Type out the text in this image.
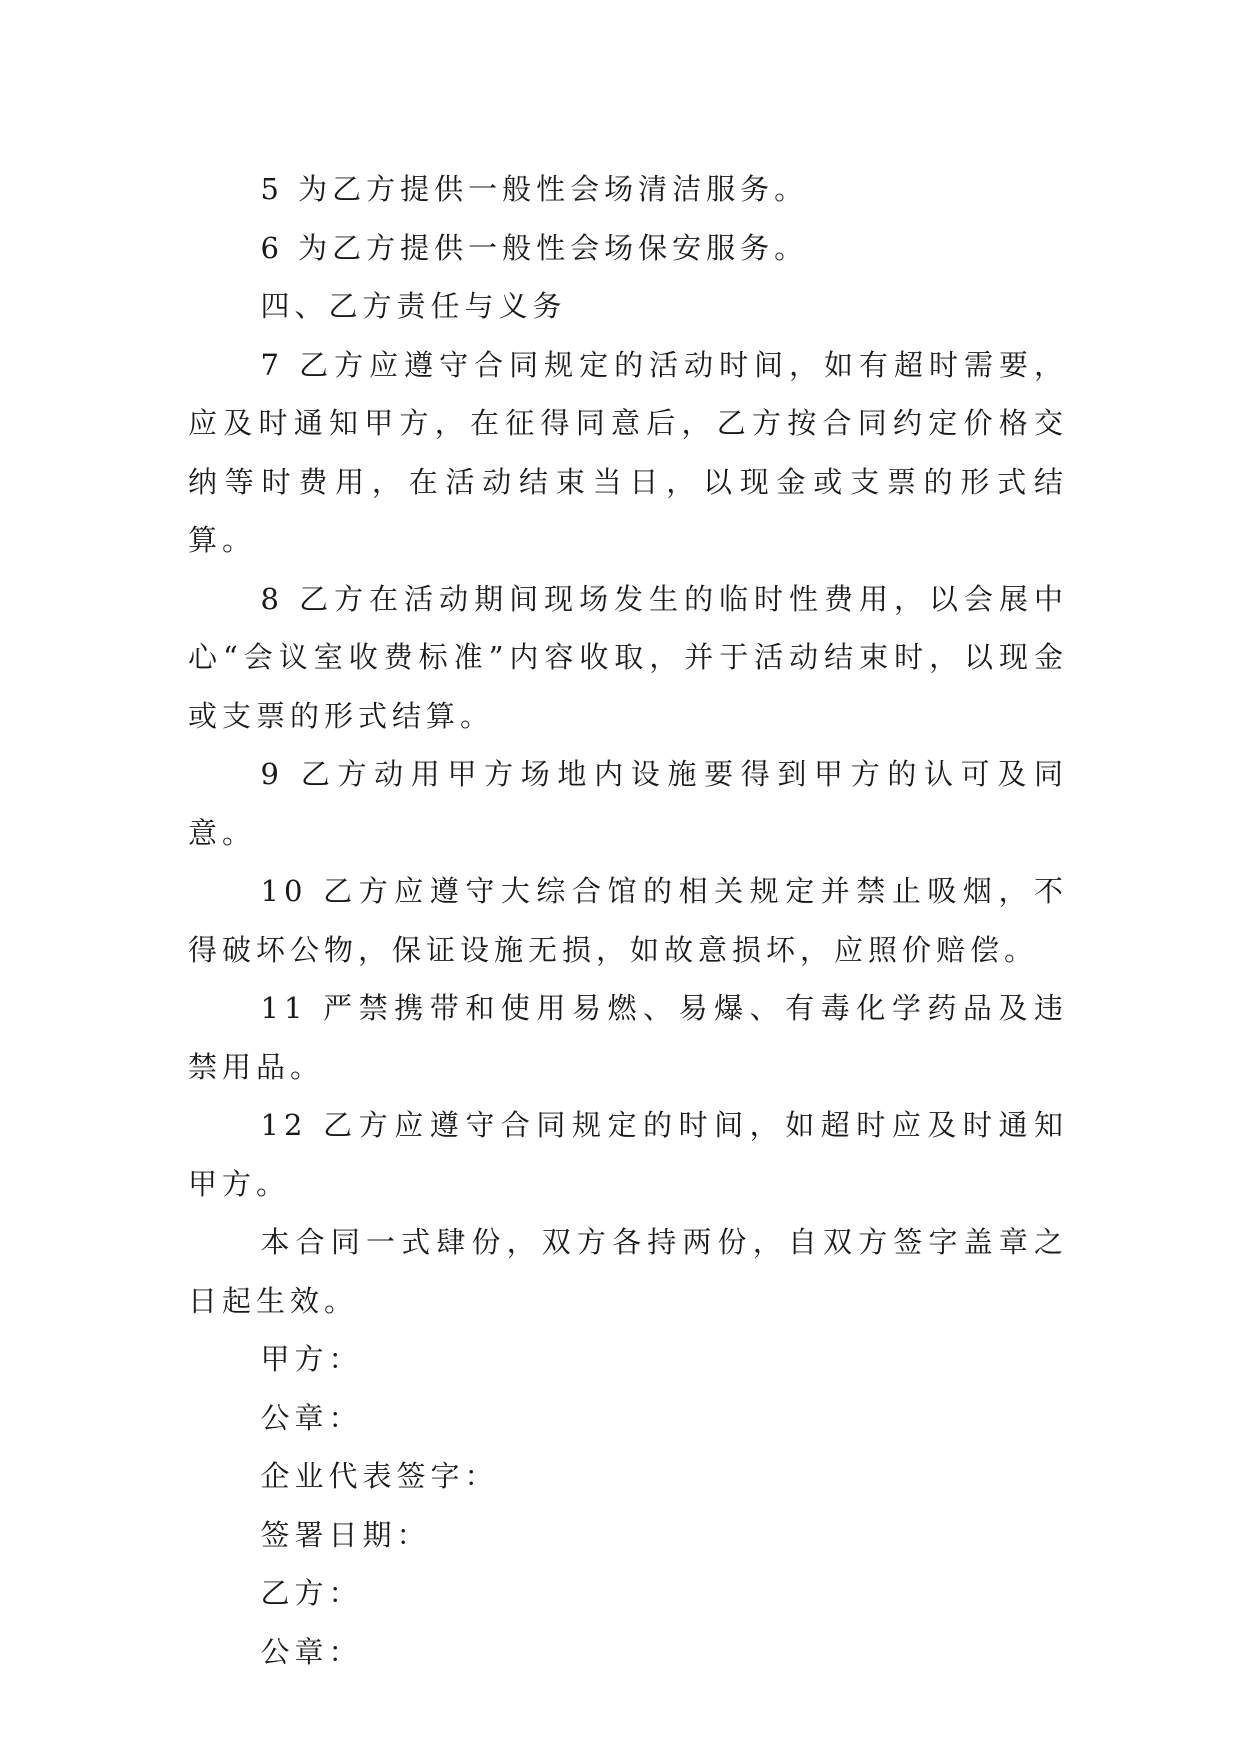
5 为乙方提供一般性会场清洁服务。

6 为乙方提供一般性会场保安服务。

四、乙方责任与义务

7 乙方应遵守合同规定的活动时间，如有超时需要，应及时通知甲方，在征得同意后，乙方按合同约定价格交纳等时费用，在活动结束当日，以现金或支票的形式结算。

8 乙方在活动期间现场发生的临时性费用，以会展中心“会议室收费标准”内容收取，并于活动结束时，以现金或支票的形式结算。

9 乙方动用甲方场地内设施要得到甲方的认可及同意。

10 乙方应遵守大综合馆的相关规定并禁止吸烟，不得破坏公物，保证设施无损，如故意损坏，应照价赔偿。

11 严禁携带和使用易燃、易爆、有毒化学药品及违禁用品。

12 乙方应遵守合同规定的时间，如超时应及时通知甲方。

本合同一式肆份，双方各持两份，自双方签字盖章之日起生效。

甲方：

公章：

企业代表签字：

签署日期：

乙方：

公章：
